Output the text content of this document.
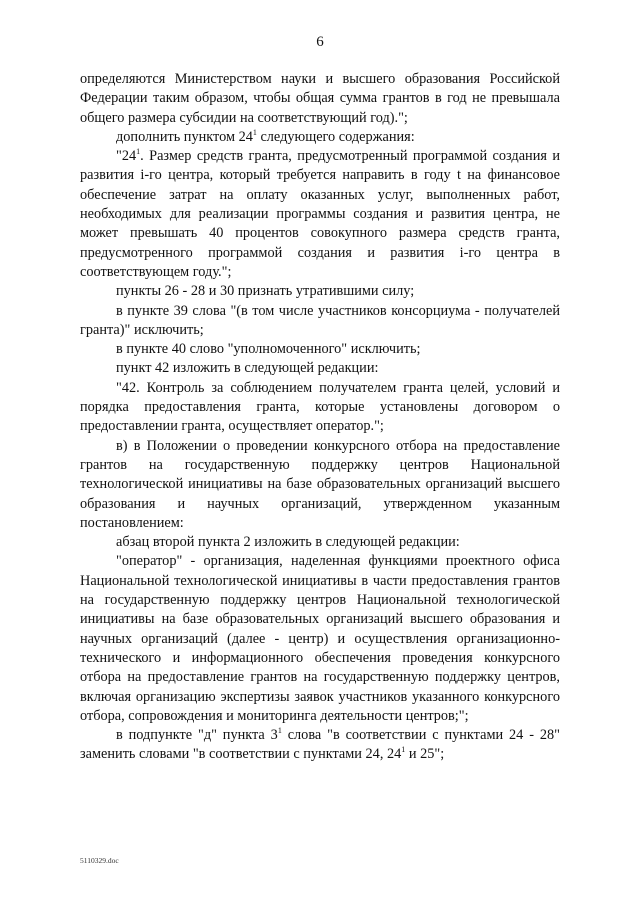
6

определяются Министерством науки и высшего образования Российской Федерации таким образом, чтобы общая сумма грантов в год не превышала общего размера субсидии на соответствующий год).";

дополнить пунктом $24^1$ следующего содержания:

"$24^1$. Размер средств гранта, предусмотренный программой создания и развития i-го центра, который требуется направить в году t на финансовое обеспечение затрат на оплату оказанных услуг, выполненных работ, необходимых для реализации программы создания и развития центра, не может превышать 40 процентов совокупного размера средств гранта, предусмотренного программой создания и развития i-го центра в соответствующем году.";

пункты 26 - 28 и 30 признать утратившими силу;

в пункте 39 слова "(в том числе участников консорциума - получателей гранта)" исключить;

в пункте 40 слово "уполномоченного" исключить;

пункт 42 изложить в следующей редакции:

"42. Контроль за соблюдением получателем гранта целей, условий и порядка предоставления гранта, которые установлены договором о предоставлении гранта, осуществляет оператор.";

в) в Положении о проведении конкурсного отбора на предоставление грантов на государственную поддержку центров Национальной технологической инициативы на базе образовательных организаций высшего образования и научных организаций, утвержденном указанным постановлением:

абзац второй пункта 2 изложить в следующей редакции:

"оператор" - организация, наделенная функциями проектного офиса Национальной технологической инициативы в части предоставления грантов на государственную поддержку центров Национальной технологической инициативы на базе образовательных организаций высшего образования и научных организаций (далее - центр) и осуществления организационно-технического и информационного обеспечения проведения конкурсного отбора на предоставление грантов на государственную поддержку центров, включая организацию экспертизы заявок участников указанного конкурсного отбора, сопровождения и мониторинга деятельности центров;";

в подпункте "д" пункта $3^1$ слова "в соответствии с пунктами 24 - 28" заменить словами "в соответствии с пунктами 24, $24^1$ и 25";

5110329.doc
